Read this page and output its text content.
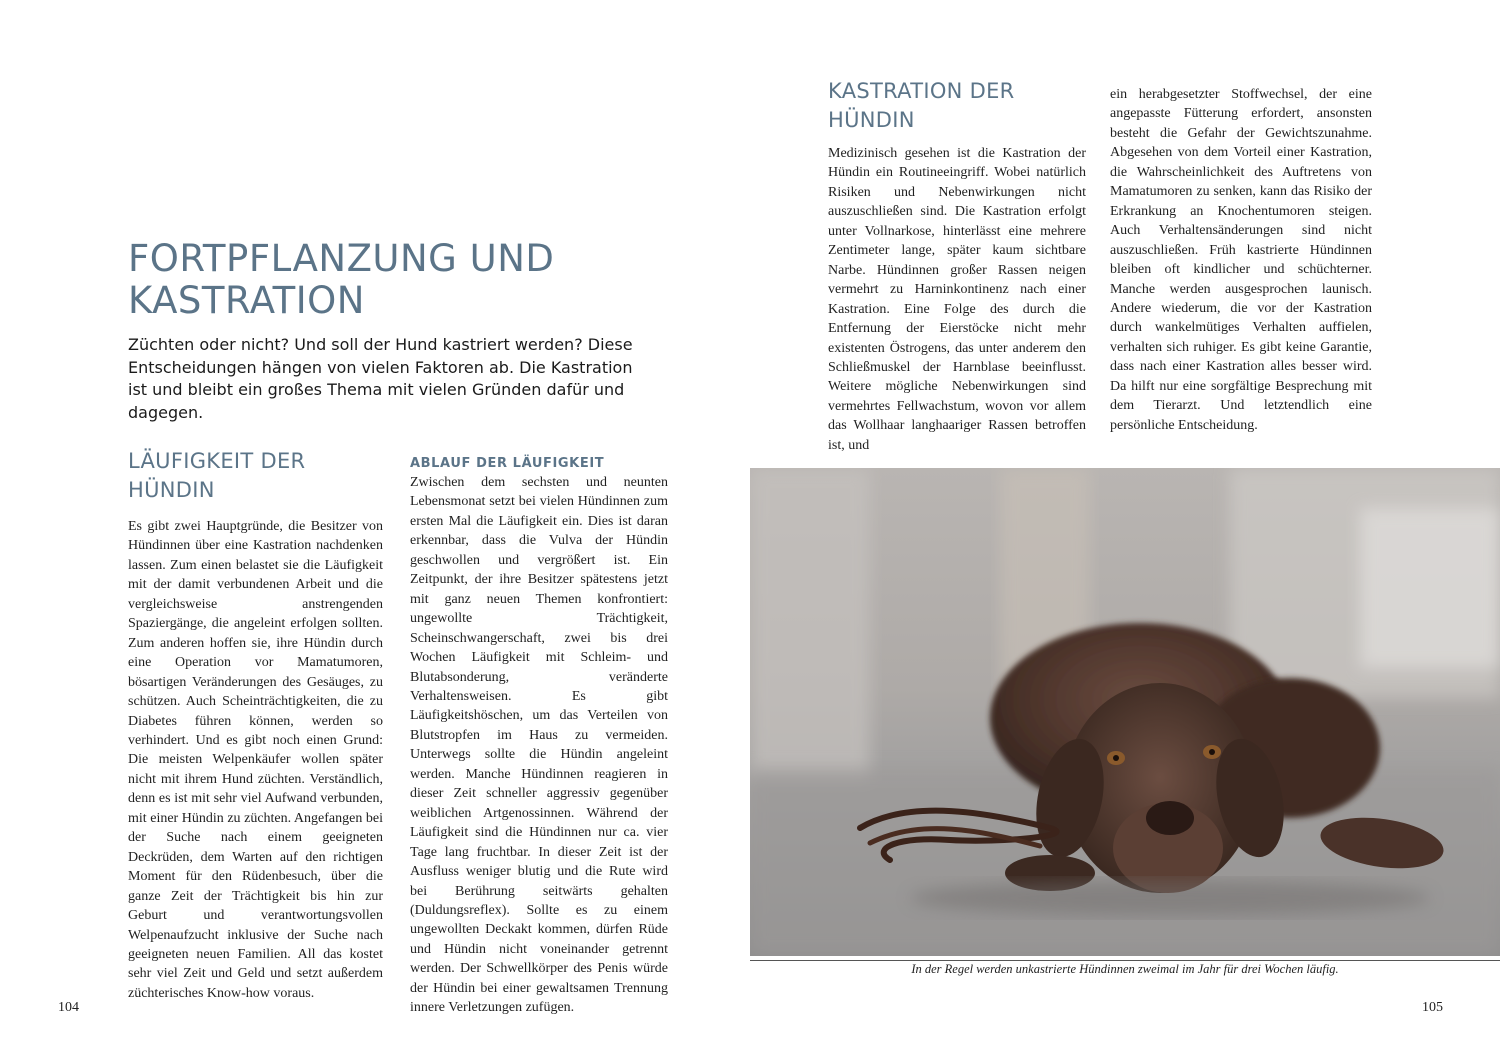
FORTPFLANZUNG UND
KASTRATION

Züchten oder nicht? Und soll der Hund kastriert werden? Diese Entscheidungen hängen von vielen Faktoren ab. Die Kastration ist und bleibt ein großes Thema mit vielen Gründen dafür und dagegen.

LÄUFIGKEIT DER
HÜNDIN

Es gibt zwei Hauptgründe, die Besitzer von Hündinnen über eine Kastration nachdenken lassen. Zum einen belastet sie die Läufigkeit mit der damit verbundenen Arbeit und die vergleichsweise anstrengenden Spaziergänge, die angeleint erfolgen sollten. Zum anderen hoffen sie, ihre Hündin durch eine Operation vor Mamatumoren, bösartigen Veränderungen des Gesäuges, zu schützen. Auch Scheinträchtigkeiten, die zu Diabetes führen können, werden so verhindert. Und es gibt noch einen Grund: Die meisten Welpenkäufer wollen später nicht mit ihrem Hund züchten. Verständlich, denn es ist mit sehr viel Aufwand verbunden, mit einer Hündin zu züchten. Angefangen bei der Suche nach einem geeigneten Deckrüden, dem Warten auf den richtigen Moment für den Rüdenbesuch, über die ganze Zeit der Trächtigkeit bis hin zur Geburt und verantwortungsvollen Welpenaufzucht inklusive der Suche nach geeigneten neuen Familien. All das kostet sehr viel Zeit und Geld und setzt außerdem züchterisches Know-how voraus.

ABLAUF DER LÄUFIGKEIT

Zwischen dem sechsten und neunten Lebensmonat setzt bei vielen Hündinnen zum ersten Mal die Läufigkeit ein. Dies ist daran erkennbar, dass die Vulva der Hündin geschwollen und vergrößert ist. Ein Zeitpunkt, der ihre Besitzer spätestens jetzt mit ganz neuen Themen konfrontiert: ungewollte Trächtigkeit, Scheinschwangerschaft, zwei bis drei Wochen Läufigkeit mit Schleim- und Blutabsonderung, veränderte Verhaltensweisen. Es gibt Läufigkeitshöschen, um das Verteilen von Blutstropfen im Haus zu vermeiden. Unterwegs sollte die Hündin angeleint werden. Manche Hündinnen reagieren in dieser Zeit schneller aggressiv gegenüber weiblichen Artgenossinnen. Während der Läufigkeit sind die Hündinnen nur ca. vier Tage lang fruchtbar. In dieser Zeit ist der Ausfluss weniger blutig und die Rute wird bei Berührung seitwärts gehalten (Duldungsreflex). Sollte es zu einem ungewollten Deckakt kommen, dürfen Rüde und Hündin nicht voneinander getrennt werden. Der Schwellkörper des Penis würde der Hündin bei einer gewaltsamen Trennung innere Verletzungen zufügen.

104
KASTRATION DER
HÜNDIN

Medizinisch gesehen ist die Kastration der Hündin ein Routineeingriff. Wobei natürlich Risiken und Nebenwirkungen nicht auszuschließen sind. Die Kastration erfolgt unter Vollnarkose, hinterlässt eine mehrere Zentimeter lange, später kaum sichtbare Narbe. Hündinnen großer Rassen neigen vermehrt zu Harninkontinenz nach einer Kastration. Eine Folge des durch die Entfernung der Eierstöcke nicht mehr existenten Östrogens, das unter anderem den Schließmuskel der Harnblase beeinflusst. Weitere mögliche Nebenwirkungen sind vermehrtes Fellwachstum, wovon vor allem das Wollhaar langhaariger Rassen betroffen ist, und

ein herabgesetzter Stoffwechsel, der eine angepasste Fütterung erfordert, ansonsten besteht die Gefahr der Gewichtszunahme. Abgesehen von dem Vorteil einer Kastration, die Wahrscheinlichkeit des Auftretens von Mamatumoren zu senken, kann das Risiko der Erkrankung an Knochentumoren steigen. Auch Verhaltensänderungen sind nicht auszuschließen. Früh kastrierte Hündinnen bleiben oft kindlicher und schüchterner. Manche werden ausgesprochen launisch. Andere wiederum, die vor der Kastration durch wankelmütiges Verhalten auffielen, verhalten sich ruhiger. Es gibt keine Garantie, dass nach einer Kastration alles besser wird. Da hilft nur eine sorgfältige Besprechung mit dem Tierarzt. Und letztendlich eine persönliche Entscheidung.

In der Regel werden unkastrierte Hündinnen zweimal im Jahr für drei Wochen läufig.

105
